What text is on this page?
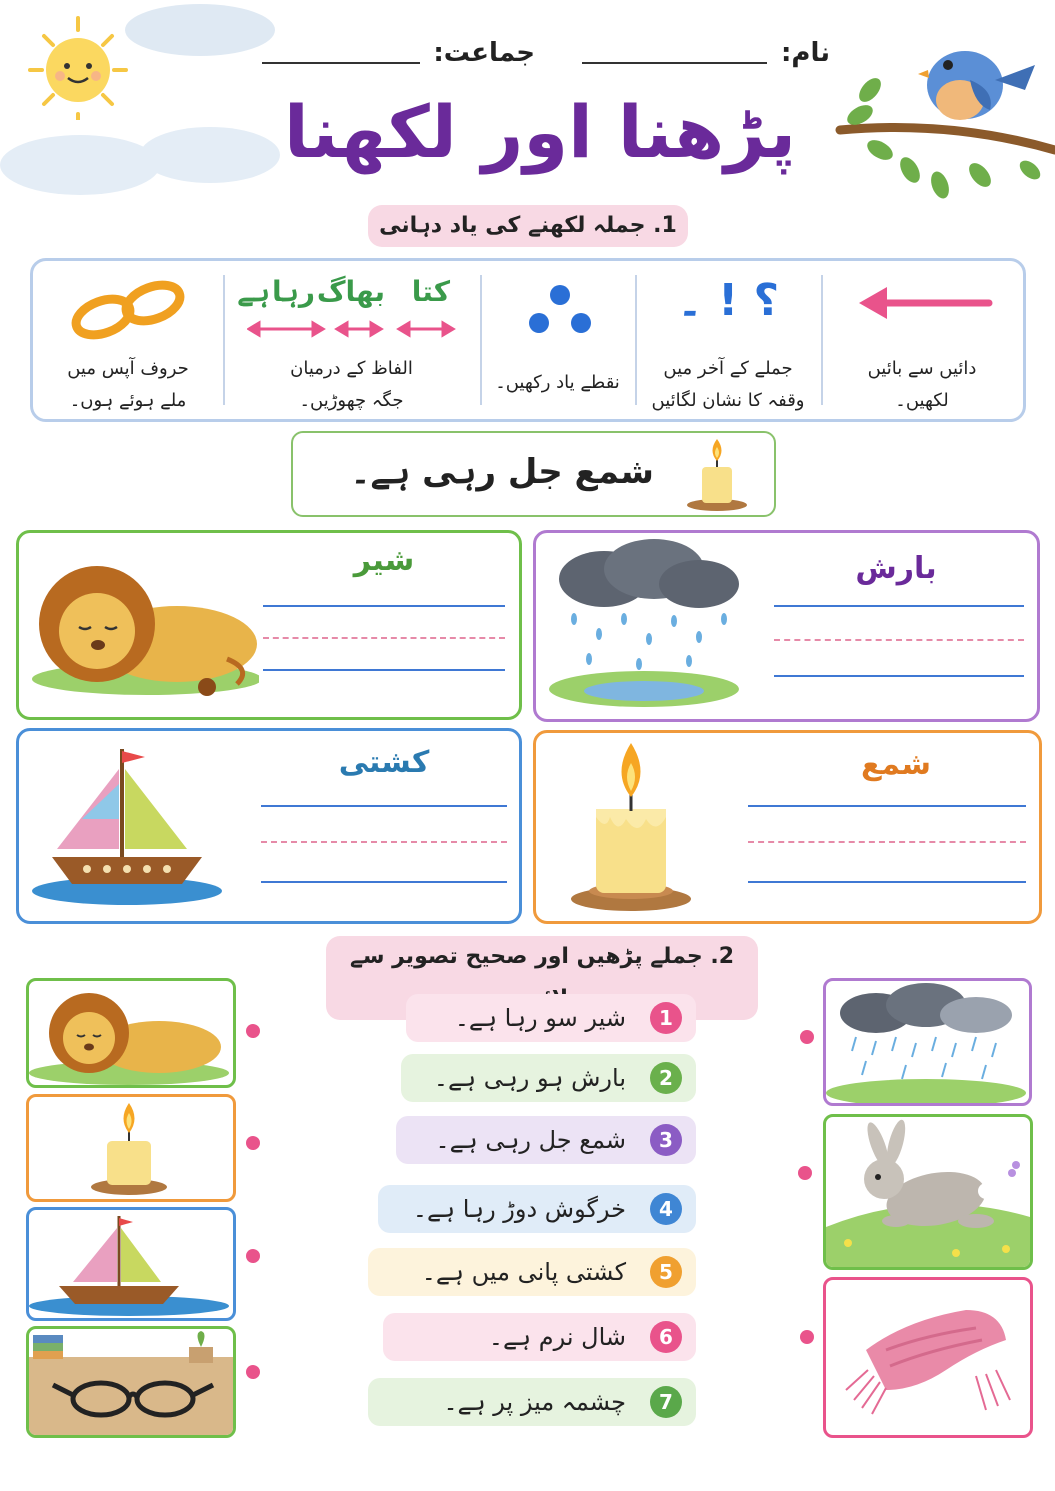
نام:
جماعت:
پڑھنا اور لکھنا
1. جملہ لکھنے کی یاد دہانی
حروف آپس میں
ملے ہوئے ہوں۔
کتا
بھاگ
رہا
ہے
الفاظ کے درمیان
جگہ چھوڑیں۔
نقطے یاد رکھیں۔
؟ ! ۔
جملے کے آخر میں
وقفہ کا نشان لگائیں
دائیں سے بائیں
لکھیں۔
شمع جل رہی ہے۔
شیر	بارش
کشتی	شمع
2. جملے پڑھیں اور صحیح تصویر سے
شیر سو رہا ہے۔	1
بارش ہو رہی ہے۔	2
شمع جل رہی ہے۔	3
خرگوش دوڑ رہا ہے۔	4
کشتی پانی میں ہے۔	5
شال نرم ہے۔	6
چشمہ میز پر ہے۔	7
